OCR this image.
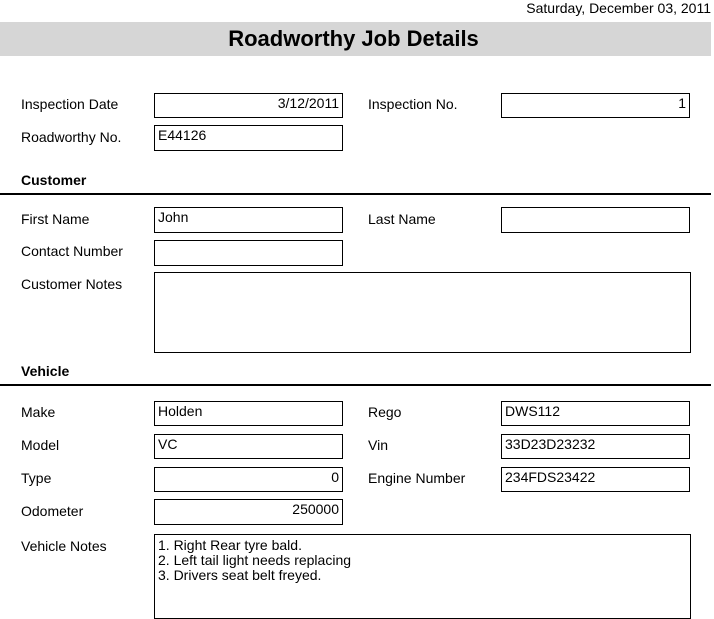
Saturday, December 03, 2011
Roadworthy Job Details
Inspection Date	3/12/2011 Inspection No.	1
Roadworthy No.	E44126
Customer
First Name	John	Last Name
Contact Number
Customer Notes
Vehicle
Make	Holden	Rego	DWS112
Model	VC	Vin	33D23D23232
Type	0 Engine Number	234FDS23422
Odometer	250000
Vehicle Notes	1. Right Rear tyre bald.
2. Left tail light needs replacing
3. Drivers seat belt freyed.
